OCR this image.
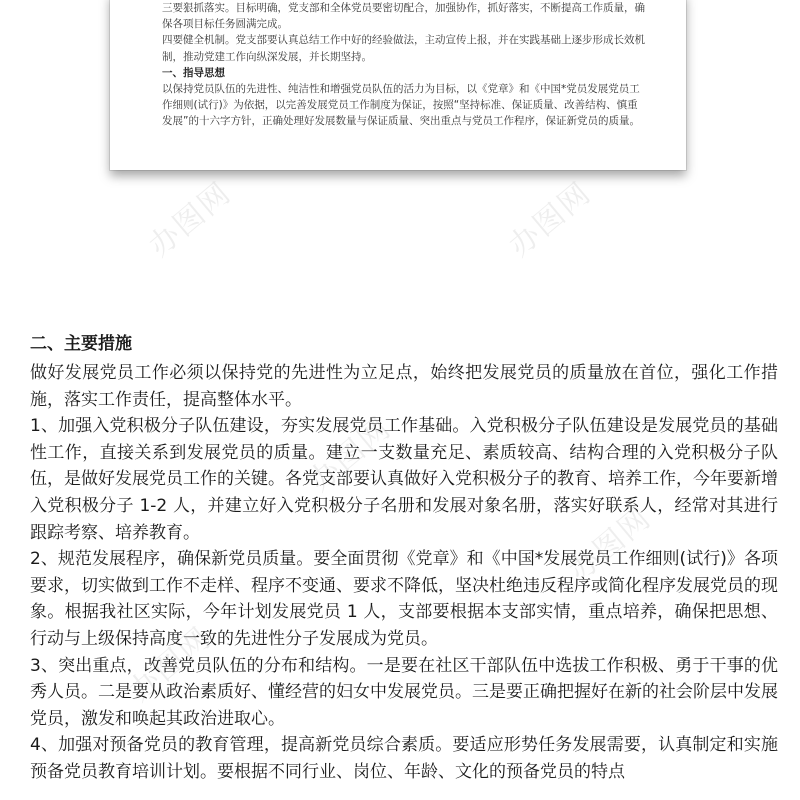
三要狠抓落实。目标明确，党支部和全体党员要密切配合，加强协作，抓好落实，不断提高工作质量，确保各项目标任务圆满完成。

四要健全机制。党支部要认真总结工作中好的经验做法，主动宣传上报，并在实践基础上逐步形成长效机制，推动党建工作向纵深发展，并长期坚持。

一、指导思想

以保持党员队伍的先进性、纯洁性和增强党员队伍的活力为目标，以《党章》和《中国*党员发展党员工作细则(试行)》为依据，以完善发展党员工作制度为保证，按照“坚持标准、保证质量、改善结构、慎重发展”的十六字方针，正确处理好发展数量与保证质量、突出重点与党员工作程序，保证新党员的质量。

办图网	办图网
办图网
办图网
办图网
二、主要措施

做好发展党员工作必须以保持党的先进性为立足点，始终把发展党员的质量放在首位，强化工作措施，落实工作责任，提高整体水平。

1、加强入党积极分子队伍建设，夯实发展党员工作基础。入党积极分子队伍建设是发展党员的基础性工作，直接关系到发展党员的质量。建立一支数量充足、素质较高、结构合理的入党积极分子队伍，是做好发展党员工作的关键。各党支部要认真做好入党积极分子的教育、培养工作，今年要新增入党积极分子 1-2 人，并建立好入党积极分子名册和发展对象名册，落实好联系人，经常对其进行跟踪考察、培养教育。

2、规范发展程序，确保新党员质量。要全面贯彻《党章》和《中国*发展党员工作细则(试行)》各项要求，切实做到工作不走样、程序不变通、要求不降低，坚决杜绝违反程序或简化程序发展党员的现象。根据我社区实际，今年计划发展党员 1 人，支部要根据本支部实情，重点培养，确保把思想、行动与上级保持高度一致的先进性分子发展成为党员。

3、突出重点，改善党员队伍的分布和结构。一是要在社区干部队伍中选拔工作积极、勇于干事的优秀人员。二是要从政治素质好、懂经营的妇女中发展党员。三是要正确把握好在新的社会阶层中发展党员，激发和唤起其政治进取心。

4、加强对预备党员的教育管理，提高新党员综合素质。要适应形势任务发展需要，认真制定和实施预备党员教育培训计划。要根据不同行业、岗位、年龄、文化的预备党员的特点
